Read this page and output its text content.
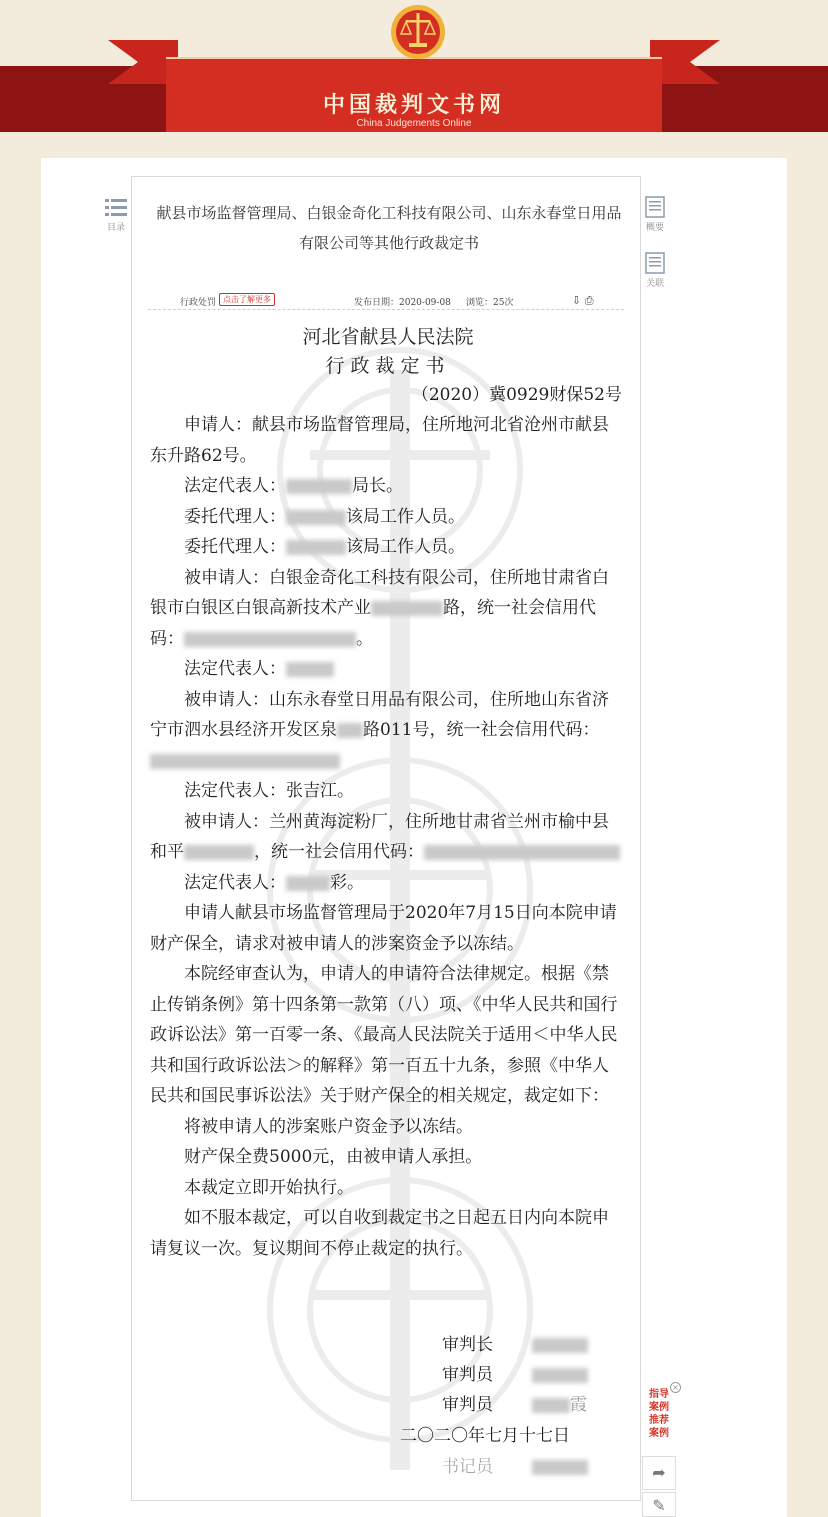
中国裁判文书网
China Judgements Online
目录	概要
关联
献县市场监督管理局、白银金奇化工科技有限公司、山东永春堂日用品有限公司等其他行政裁定书
行政处罚 点击了解更多	发布日期：2020-09-08 浏览：25次	⇩ ⎙
河北省献县人民法院
行政裁定书
（2020）冀0929财保52号

申请人：献县市场监督管理局，住所地河北省沧州市献县东升路62号。

法定代表人：	局长。

委托代理人：	该局工作人员。

委托代理人：	该局工作人员。

被申请人：白银金奇化工科技有限公司，住所地甘肃省白银市白银区白银高新技术产业	路，统一社会信用代码：	。

法定代表人：

被申请人：山东永春堂日用品有限公司，住所地山东省济宁市泗水县经济开发区泉 路011号，统一社会信用代码：

法定代表人：张吉江。

被申请人：兰州黄海淀粉厂，住所地甘肃省兰州市榆中县和平	，统一社会信用代码：

法定代表人：	彩。

申请人献县市场监督管理局于2020年7月15日向本院申请财产保全，请求对被申请人的涉案资金予以冻结。

本院经审查认为，申请人的申请符合法律规定。根据《禁止传销条例》第十四条第一款第（八）项、《中华人民共和国行政诉讼法》第一百零一条、《最高人民法院关于适用＜中华人民共和国行政诉讼法＞的解释》第一百五十九条，参照《中华人民共和国民事诉讼法》关于财产保全的相关规定，裁定如下：

将被申请人的涉案账户资金予以冻结。

财产保全费5000元，由被申请人承担。

本裁定立即开始执行。

如不服本裁定，可以自收到裁定书之日起五日内向本院申请复议一次。复议期间不停止裁定的执行。

审判长
审判员
审判员	霞
二〇二〇年七月十七日
书记员
×
指导
案例
推荐
案例
➦
✎
